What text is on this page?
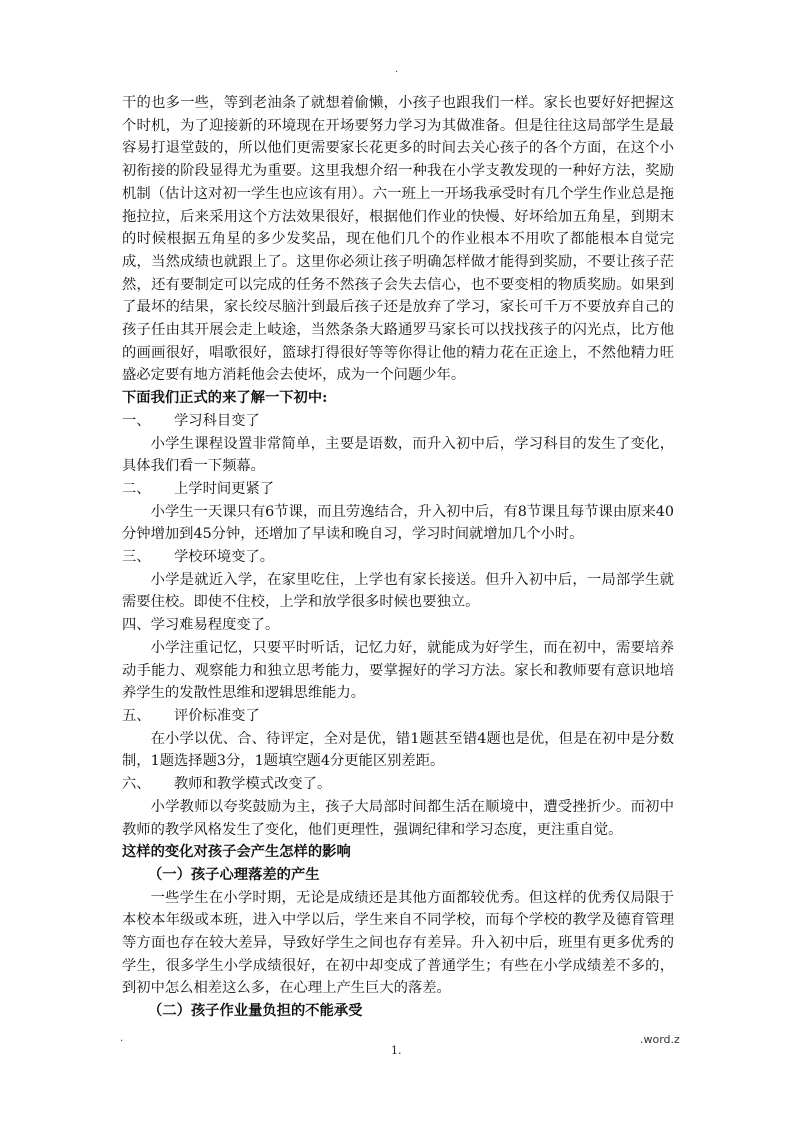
.

干的也多一些，等到老油条了就想着偷懒，小孩子也跟我们一样。家长也要好好把握这个时机，为了迎接新的环境现在开场要努力学习为其做准备。但是往往这局部学生是最容易打退堂鼓的，所以他们更需要家长花更多的时间去关心孩子的各个方面，在这个小初衔接的阶段显得尤为重要。这里我想介绍一种我在小学支教发现的一种好方法，奖励机制（估计这对初一学生也应该有用）。六一班上一开场我承受时有几个学生作业总是拖拖拉拉，后来采用这个方法效果很好，根据他们作业的快慢、好坏给加五角星，到期末的时候根据五角星的多少发奖品，现在他们几个的作业根本不用吹了都能根本自觉完成，当然成绩也就跟上了。这里你必须让孩子明确怎样做才能得到奖励，不要让孩子茫然，还有要制定可以完成的任务不然孩子会失去信心，也不要变相的物质奖励。如果到了最坏的结果，家长绞尽脑汁到最后孩子还是放弃了学习，家长可千万不要放弃自己的孩子任由其开展会走上岐途，当然条条大路通罗马家长可以找找孩子的闪光点，比方他的画画很好，唱歌很好，篮球打得很好等等你得让他的精力花在正途上，不然他精力旺盛必定要有地方消耗他会去使坏，成为一个问题少年。

下面我们正式的来了解一下初中:

一、 学习科目变了

小学生课程设置非常简单，主要是语数，而升入初中后，学习科目的发生了变化，具体我们看一下频幕。

二、 上学时间更紧了

小学生一天课只有6节课，而且劳逸结合，升入初中后，有8节课且每节课由原来40分钟增加到45分钟，还增加了早读和晚自习，学习时间就增加几个小时。

三、 学校环境变了。

小学是就近入学，在家里吃住，上学也有家长接送。但升入初中后，一局部学生就需要住校。即使不住校，上学和放学很多时候也要独立。

四、学习难易程度变了。

小学注重记忆，只要平时听话，记忆力好，就能成为好学生，而在初中，需要培养动手能力、观察能力和独立思考能力，要掌握好的学习方法。家长和教师要有意识地培养学生的发散性思维和逻辑思维能力。

五、 评价标准变了

在小学以优、合、待评定，全对是优，错1题甚至错4题也是优，但是在初中是分数制，1题选择题3分，1题填空题4分更能区别差距。

六、 教师和教学模式改变了。

小学教师以夸奖鼓励为主，孩子大局部时间都生活在顺境中，遭受挫折少。而初中教师的教学风格发生了变化，他们更理性，强调纪律和学习态度，更注重自觉。

这样的变化对孩子会产生怎样的影响

（一）孩子心理落差的产生

一些学生在小学时期，无论是成绩还是其他方面都较优秀。但这样的优秀仅局限于本校本年级或本班，进入中学以后，学生来自不同学校，而每个学校的教学及德育管理等方面也存在较大差异，导致好学生之间也存有差异。升入初中后，班里有更多优秀的学生，很多学生小学成绩很好，在初中却变成了普通学生；有些在小学成绩差不多的，到初中怎么相差这么多，在心理上产生巨大的落差。

（二）孩子作业量负担的不能承受

.	.word.z
1.
